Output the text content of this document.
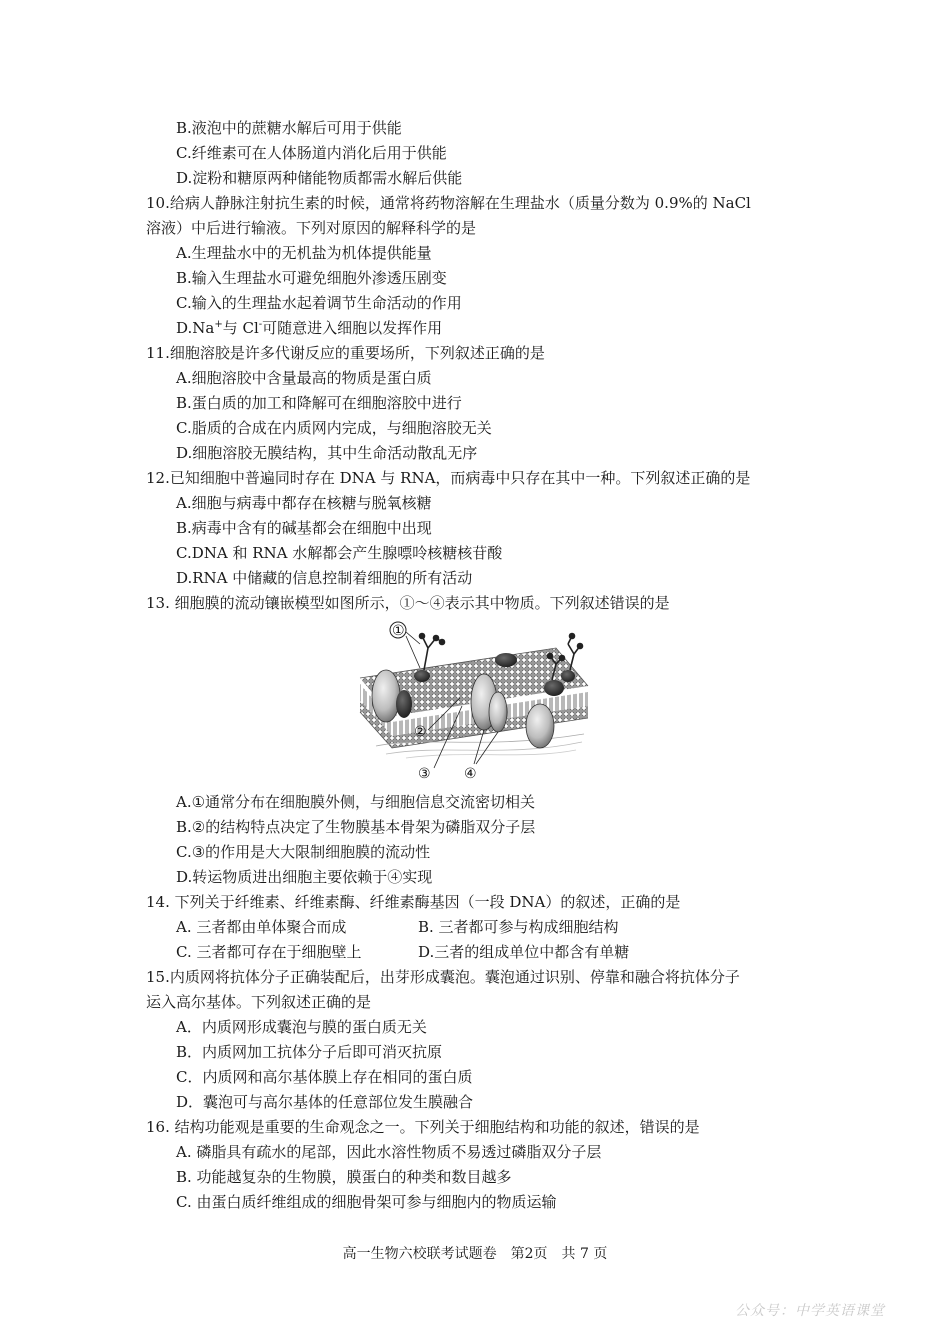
B.液泡中的蔗糖水解后可用于供能
C.纤维素可在人体肠道内消化后用于供能
D.淀粉和糖原两种储能物质都需水解后供能
10.给病人静脉注射抗生素的时候，通常将药物溶解在生理盐水（质量分数为 0.9%的 NaCl
溶液）中后进行输液。下列对原因的解释科学的是
A.生理盐水中的无机盐为机体提供能量
B.输入生理盐水可避免细胞外渗透压剧变
C.输入的生理盐水起着调节生命活动的作用
D.Na+与 Cl-可随意进入细胞以发挥作用
11.细胞溶胶是许多代谢反应的重要场所，下列叙述正确的是
A.细胞溶胶中含量最高的物质是蛋白质
B.蛋白质的加工和降解可在细胞溶胶中进行
C.脂质的合成在内质网内完成，与细胞溶胶无关
D.细胞溶胶无膜结构，其中生命活动散乱无序
12.已知细胞中普遍同时存在 DNA 与 RNA，而病毒中只存在其中一种。下列叙述正确的是
A.细胞与病毒中都存在核糖与脱氧核糖
B.病毒中含有的碱基都会在细胞中出现
C.DNA 和 RNA 水解都会产生腺嘌呤核糖核苷酸
D.RNA 中储藏的信息控制着细胞的所有活动
13. 细胞膜的流动镶嵌模型如图所示，①～④表示其中物质。下列叙述错误的是
①
②
③ ④
A.①通常分布在细胞膜外侧，与细胞信息交流密切相关
B.②的结构特点决定了生物膜基本骨架为磷脂双分子层
C.③的作用是大大限制细胞膜的流动性
D.转运物质进出细胞主要依赖于④实现
14. 下列关于纤维素、纤维素酶、纤维素酶基因（一段 DNA）的叙述，正确的是
A. 三者都由单体聚合而成	B. 三者都可参与构成细胞结构
C. 三者都可存在于细胞壁上	D.三者的组成单位中都含有单糖
15.内质网将抗体分子正确装配后，出芽形成囊泡。囊泡通过识别、停靠和融合将抗体分子
运入高尔基体。下列叙述正确的是
A．内质网形成囊泡与膜的蛋白质无关
B．内质网加工抗体分子后即可消灭抗原
C．内质网和高尔基体膜上存在相同的蛋白质
D．囊泡可与高尔基体的任意部位发生膜融合
16. 结构功能观是重要的生命观念之一。下列关于细胞结构和功能的叙述，错误的是
A. 磷脂具有疏水的尾部，因此水溶性物质不易透过磷脂双分子层
B. 功能越复杂的生物膜，膜蛋白的种类和数目越多
C. 由蛋白质纤维组成的细胞骨架可参与细胞内的物质运输
高一生物六校联考试题卷　第2页　共 7 页
公众号：中学英语课堂
